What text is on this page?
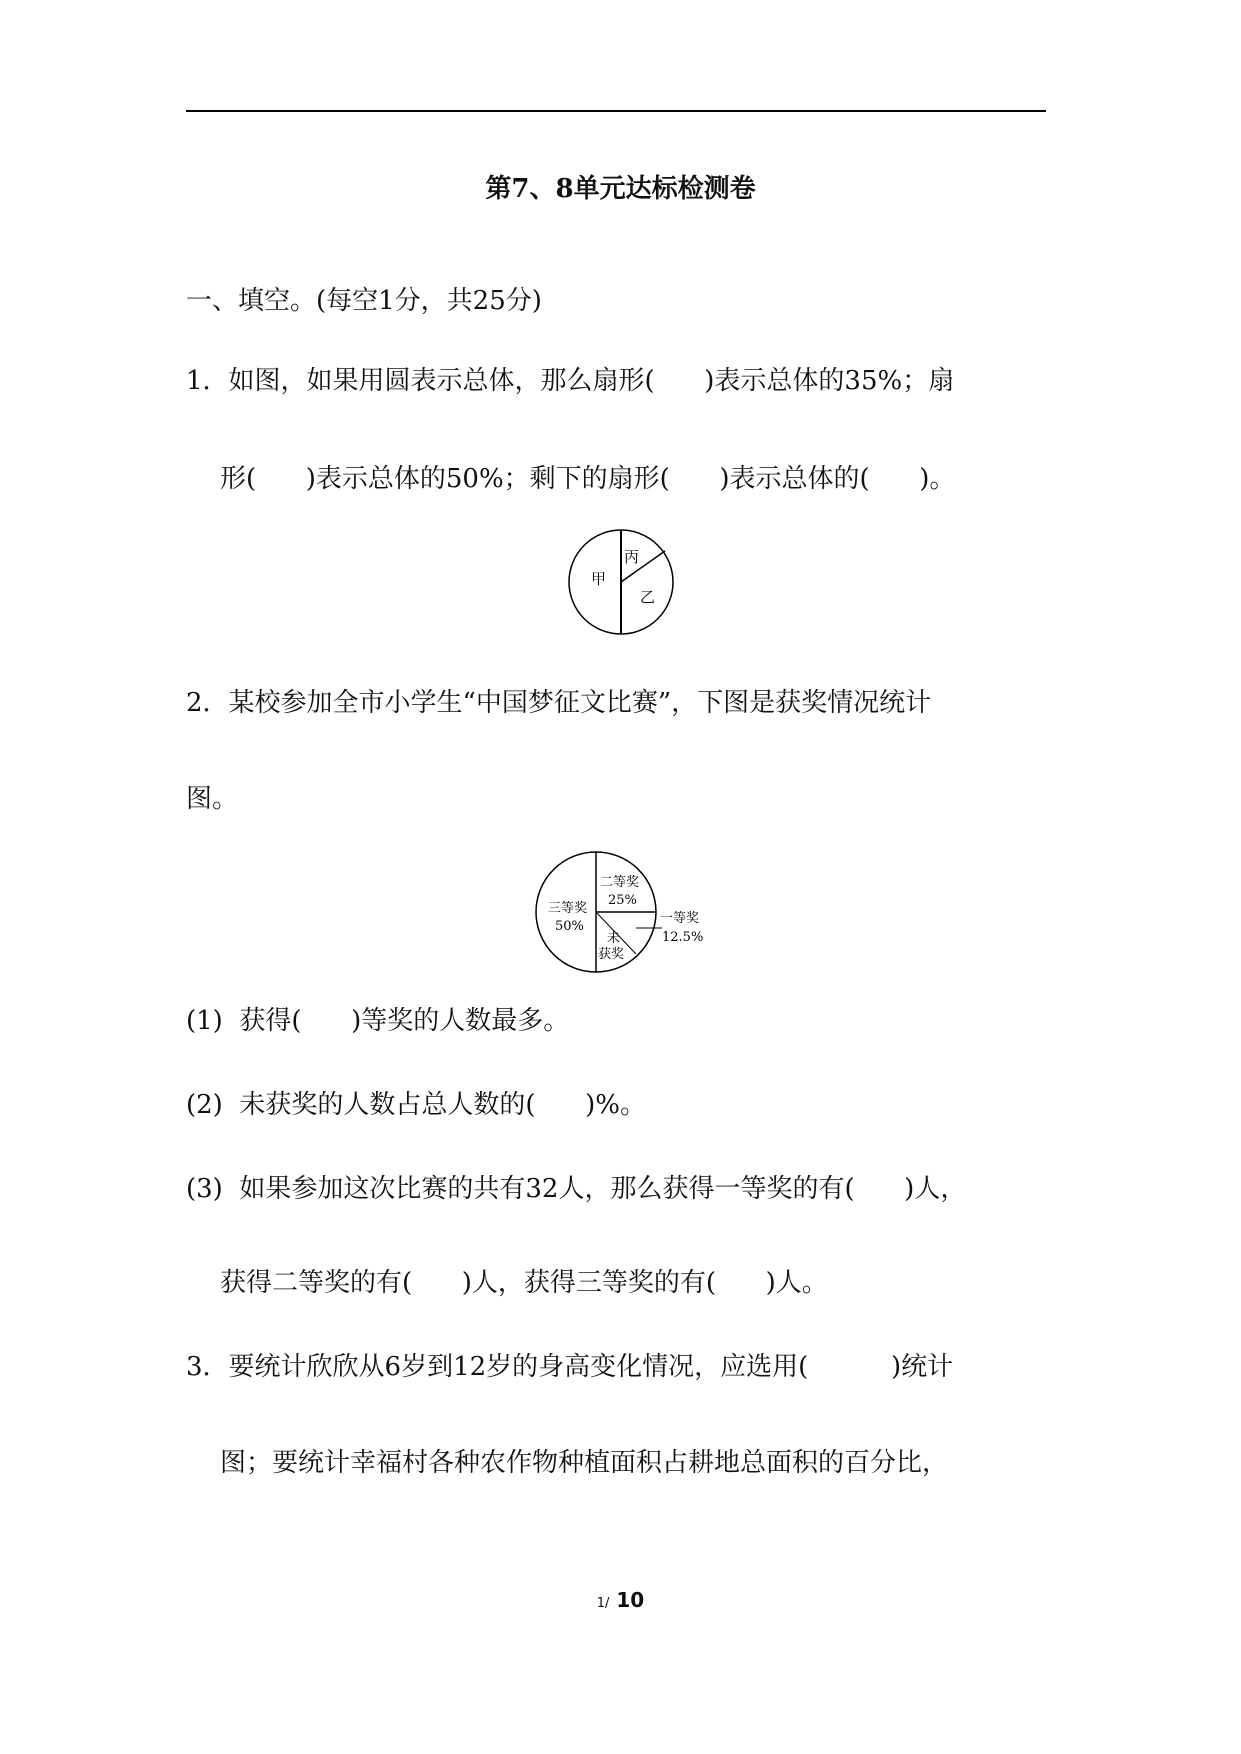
第7、8单元达标检测卷
一、填空。(每空1分，共25分)
1．如图，如果用圆表示总体，那么扇形(      )表示总体的35%；扇
形(      )表示总体的50%；剩下的扇形(      )表示总体的(      )。
甲
乙
丙
2．某校参加全市小学生“中国梦征文比赛”，下图是获奖情况统计
图。
三等奖
50%
二等奖
25%
一等奖
12.5%
未
获奖
(1)  获得(      )等奖的人数最多。
(2)  未获奖的人数占总人数的(      )%。
(3)  如果参加这次比赛的共有32人，那么获得一等奖的有(      )人，
获得二等奖的有(      )人，获得三等奖的有(      )人。
3．要统计欣欣从6岁到12岁的身高变化情况，应选用(          )统计
图；要统计幸福村各种农作物种植面积占耕地总面积的百分比，
1/ 10
